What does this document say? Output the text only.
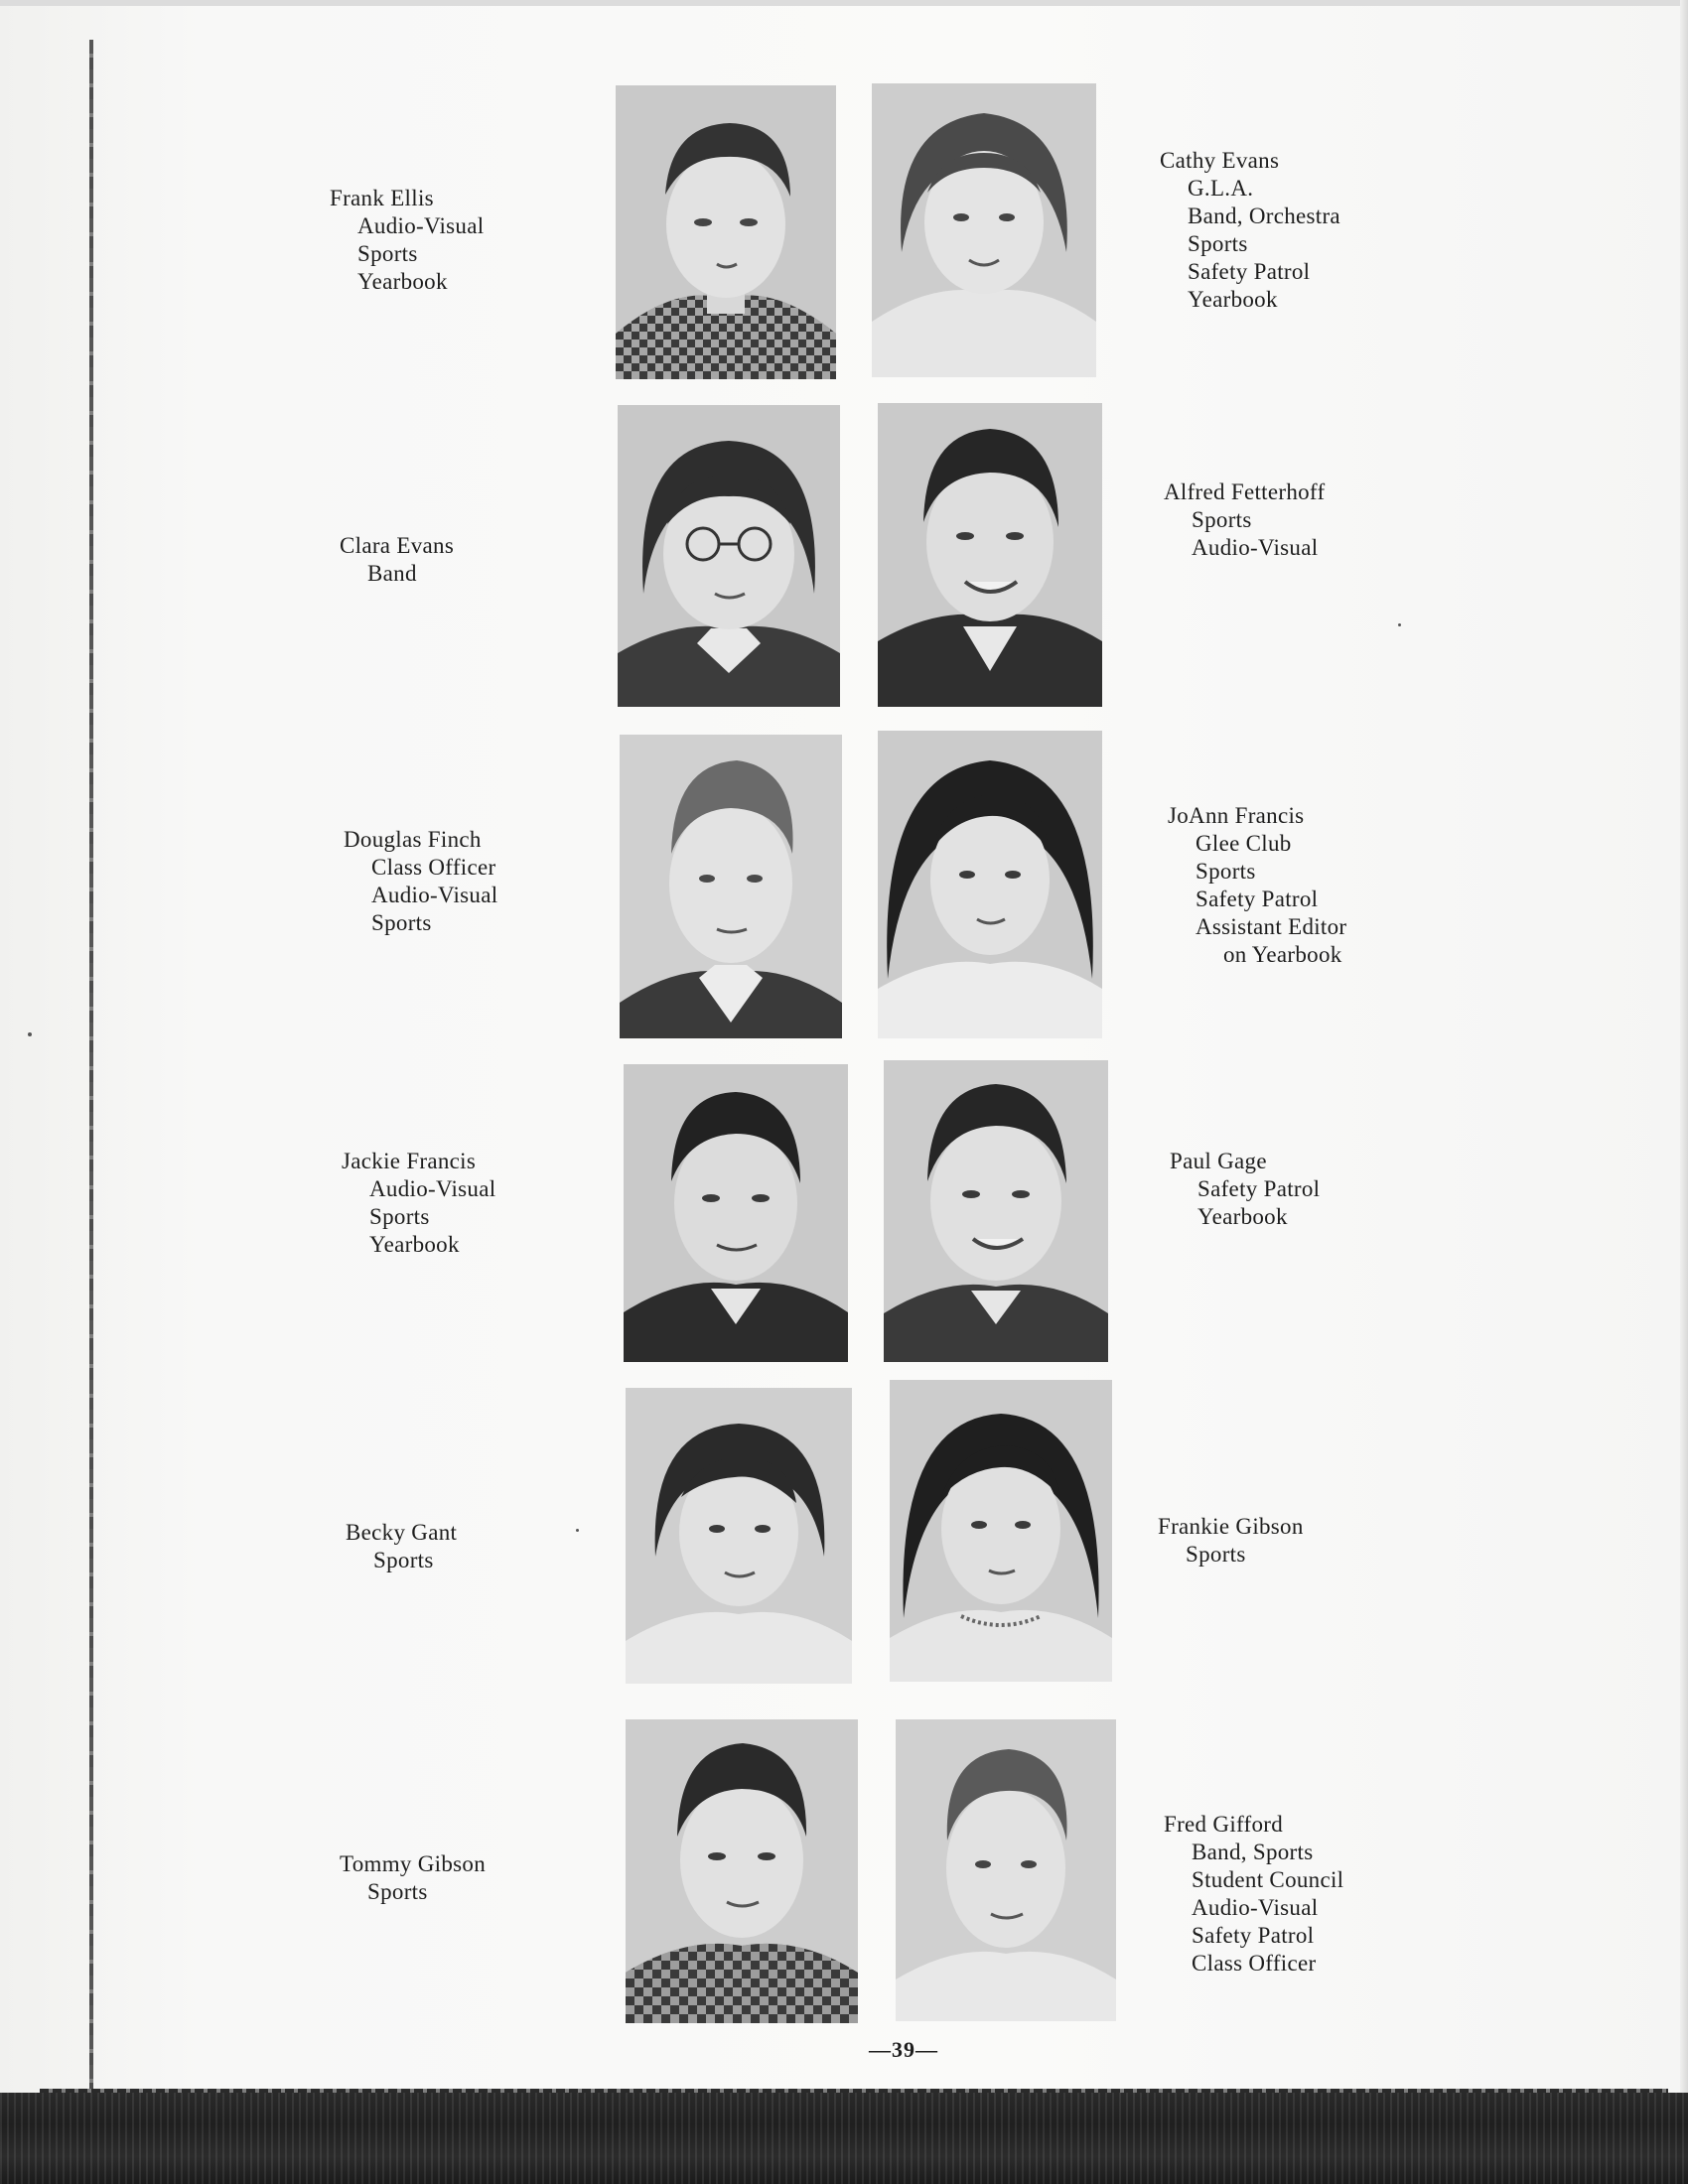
Frank Ellis
Audio-Visual
Sports
Yearbook
Cathy Evans
G.L.A.
Band, Orchestra
Sports
Safety Patrol
Yearbook
Clara Evans
Band
Alfred Fetterhoff
Sports
Audio-Visual
Douglas Finch
Class Officer
Audio-Visual
Sports
JoAnn Francis
Glee Club
Sports
Safety Patrol
Assistant Editor
on Yearbook
Jackie Francis
Audio-Visual
Sports
Yearbook
Paul Gage
Safety Patrol
Yearbook
Becky Gant
Sports
Frankie Gibson
Sports
Tommy Gibson
Sports
Fred Gifford
Band, Sports
Student Council
Audio-Visual
Safety Patrol
Class Officer
—39—
